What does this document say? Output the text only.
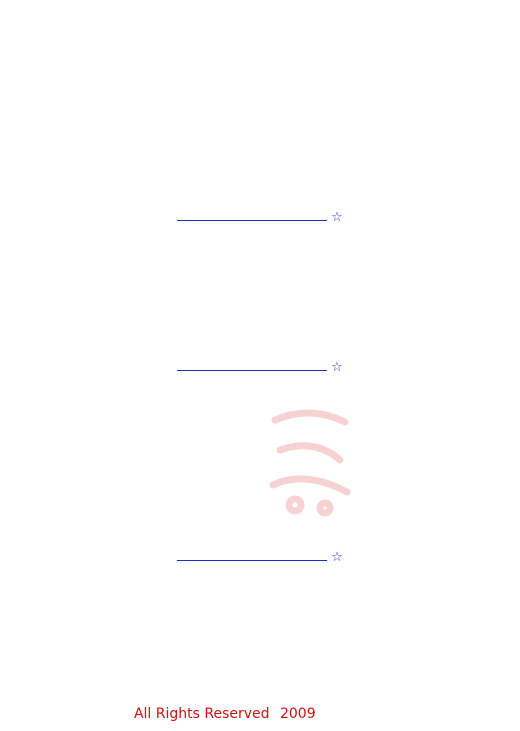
☆

☆

☆

All Rights Reserved 2009
